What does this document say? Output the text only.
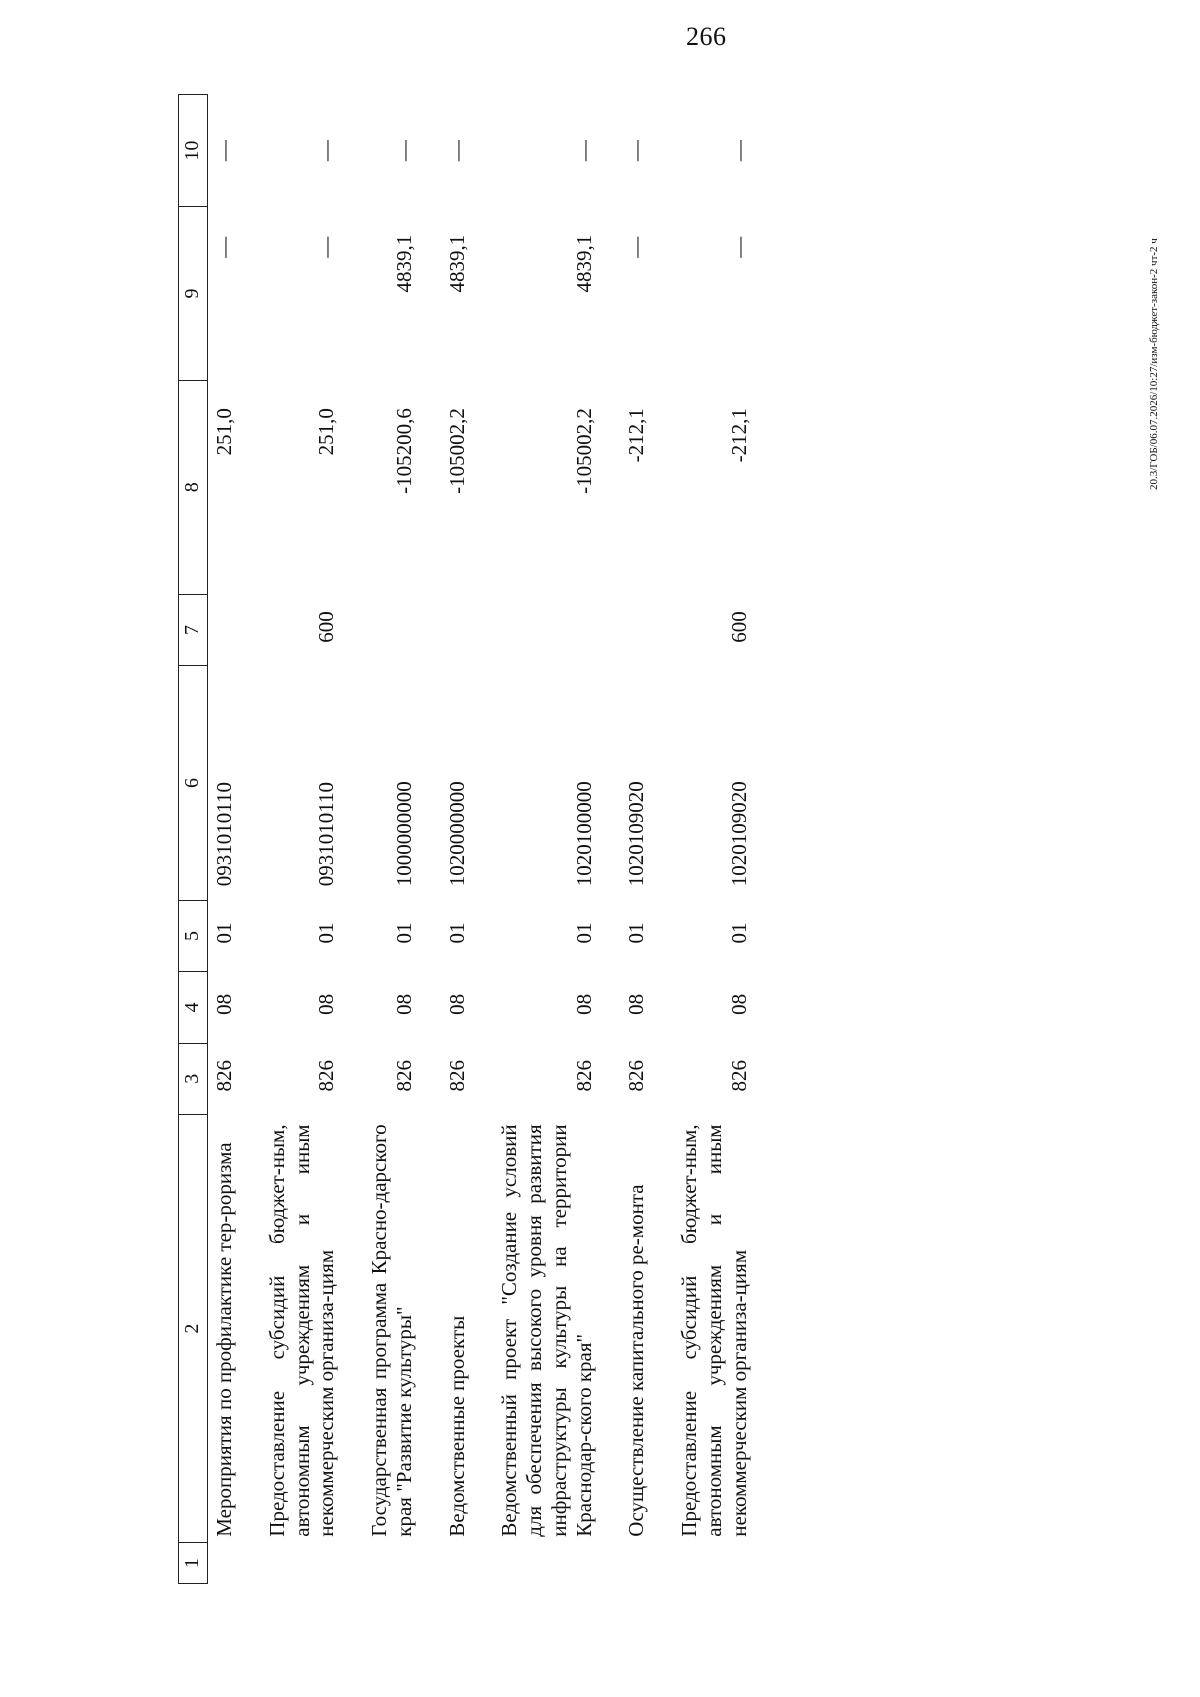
266
20.3/ГОБ/06.07.2026/10:27/изм-бюджет-закон-2 чт-2 ч
1	2	3	4	5	6	7	8	9	10
	Мероприятия по профилактике тер-роризма	826	08	01	0931010110		251,0	—	—
	Предоставление субсидий бюджет-ным, автономным учреждениям и иным некоммерческим организа-циям	826	08	01	0931010110	600	251,0	—	—
	Государственная программа Красно-дарского края "Развитие культуры"	826	08	01	1000000000		-105200,6	4839,1	—
	Ведомственные проекты	826	08	01	1020000000		-105002,2	4839,1	—
	Ведомственный проект "Создание условий для обеспечения высокого уровня развития инфраструктуры культуры на территории Краснодар-ского края"	826	08	01	1020100000		-105002,2	4839,1	—
	Осуществление капитального ре-монта	826	08	01	1020109020		-212,1	—	—
	Предоставление субсидий бюджет-ным, автономным учреждениям и иным некоммерческим организа-циям	826	08	01	1020109020	600	-212,1	—	—
